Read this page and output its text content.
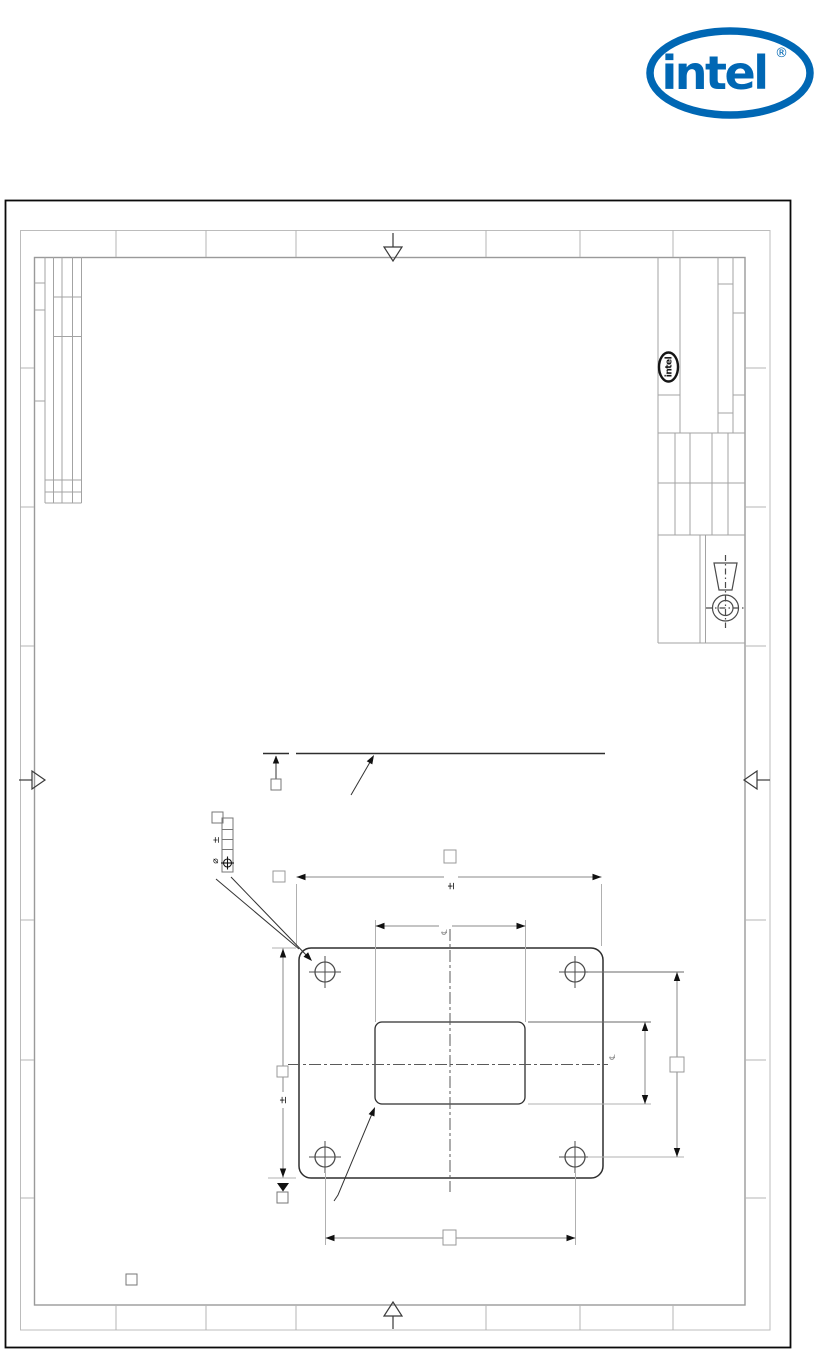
intel ®
intel
±
℄
±
℄
±
⌀
